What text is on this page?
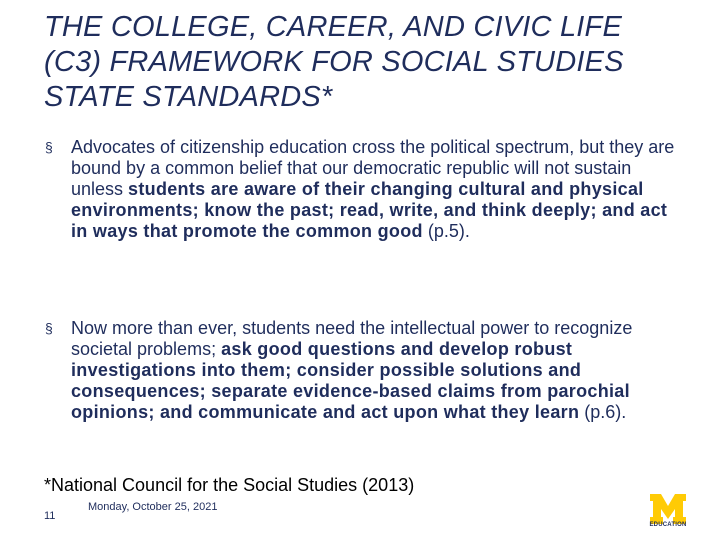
THE COLLEGE, CAREER, AND CIVIC LIFE (C3) FRAMEWORK FOR SOCIAL STUDIES STATE STANDARDS*
§ Advocates of citizenship education cross the political spectrum, but they are bound by a common belief that our democratic republic will not sustain unless students are aware of their changing cultural and physical environments; know the past; read, write, and think deeply; and act in ways that promote the common good (p.5).
§ Now more than ever, students need the intellectual power to recognize societal problems; ask good questions and develop robust investigations into them; consider possible solutions and consequences; separate evidence-based claims from parochial opinions; and communicate and act upon what they learn (p.6).
*National Council for the Social Studies (2013)
11
Monday, October 25, 2021
EDUCATION
